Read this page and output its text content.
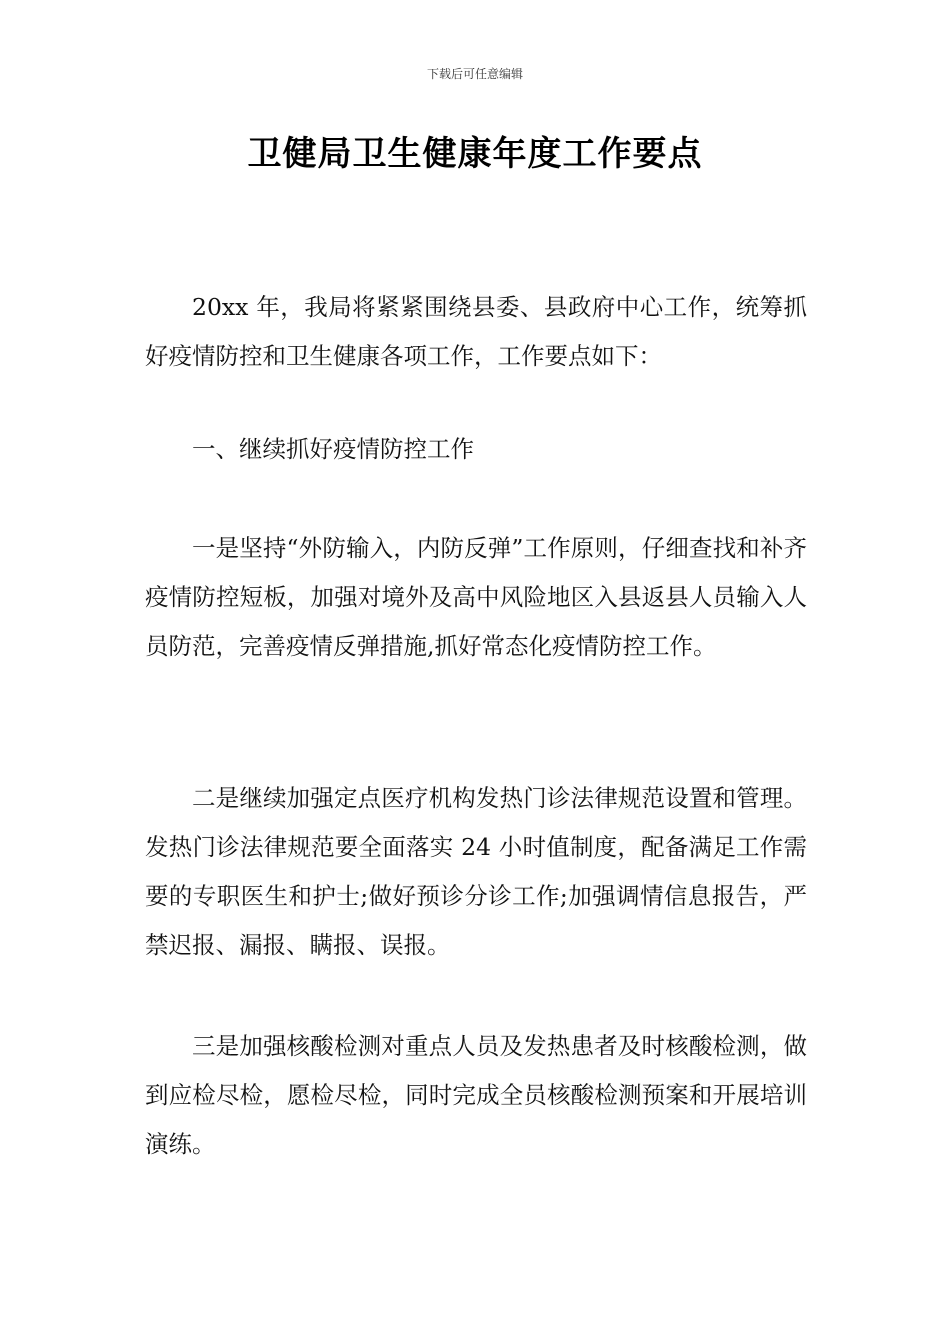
下载后可任意编辑
卫健局卫生健康年度工作要点

20xx 年，我局将紧紧围绕县委、县政府中心工作，统筹抓好疫情防控和卫生健康各项工作，工作要点如下：

一、继续抓好疫情防控工作

一是坚持“外防输入，内防反弹”工作原则，仔细查找和补齐疫情防控短板，加强对境外及高中风险地区入县返县人员输入人员防范，完善疫情反弹措施,抓好常态化疫情防控工作。

二是继续加强定点医疗机构发热门诊法律规范设置和管理。发热门诊法律规范要全面落实 24 小时值制度，配备满足工作需要的专职医生和护士;做好预诊分诊工作;加强调情信息报告，严禁迟报、漏报、瞒报、误报。

三是加强核酸检测对重点人员及发热患者及时核酸检测，做到应检尽检，愿检尽检，同时完成全员核酸检测预案和开展培训演练。
